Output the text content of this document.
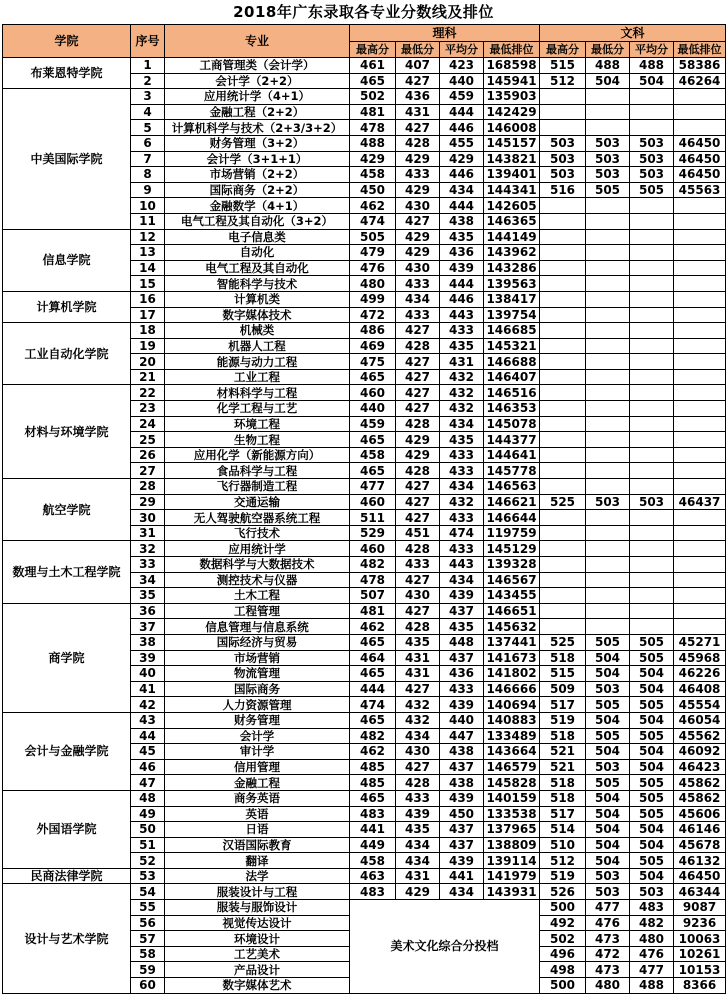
2018年广东录取各专业分数线及排位
学院	序号	专业	理科				文科			
			最高分	最低分	平均分	最低排位	最高分	最低分	平均分	最低排位
布莱恩特学院	1	工商管理类（会计学）	461	407	423	168598	515	488	488	58386
	2	会计学（2+2）	465	427	440	145941	512	504	504	46264
中美国际学院	3	应用统计学（4+1）	502	436	459	135903				
	4	金融工程（2+2）	481	431	444	142429				
	5	计算机科学与技术（2+3/3+2）	478	427	446	146008				
	6	财务管理（3+2）	488	428	455	145157	503	503	503	46450
	7	会计学（3+1+1）	429	429	429	143821	503	503	503	46450
	8	市场营销（2+2）	458	433	446	139401	503	503	503	46450
	9	国际商务（2+2）	450	429	434	144341	516	505	505	45563
	10	金融数学（4+1）	462	430	444	142605				
	11	电气工程及其自动化（3+2）	474	427	438	146365				
信息学院	12	电子信息类	505	429	435	144149				
	13	自动化	479	429	436	143962				
	14	电气工程及其自动化	476	430	439	143286				
	15	智能科学与技术	480	433	444	139563				
计算机学院	16	计算机类	499	434	446	138417				
	17	数字媒体技术	472	433	443	139754				
工业自动化学院	18	机械类	486	427	433	146685				
	19	机器人工程	469	428	435	145321				
	20	能源与动力工程	475	427	431	146688				
	21	工业工程	465	427	432	146407				
材料与环境学院	22	材料科学与工程	460	427	432	146516				
	23	化学工程与工艺	440	427	432	146353				
	24	环境工程	459	428	434	145078				
	25	生物工程	465	429	435	144377				
	26	应用化学（新能源方向）	458	429	433	144641				
	27	食品科学与工程	465	428	433	145778				
航空学院	28	飞行器制造工程	477	427	434	146563				
	29	交通运输	460	427	432	146621	525	503	503	46437
	30	无人驾驶航空器系统工程	511	427	433	146644				
	31	飞行技术	529	451	474	119759				
数理与土木工程学院	32	应用统计学	460	428	433	145129				
	33	数据科学与大数据技术	482	433	443	139328				
	34	测控技术与仪器	478	427	434	146567				
	35	土木工程	507	430	439	143455				
商学院	36	工程管理	481	427	437	146651				
	37	信息管理与信息系统	462	428	435	145632				
	38	国际经济与贸易	465	435	448	137441	525	505	505	45271
	39	市场营销	464	431	437	141673	518	504	505	45968
	40	物流管理	465	431	436	141802	515	504	504	46226
	41	国际商务	444	427	433	146666	509	503	504	46408
	42	人力资源管理	474	432	439	140694	517	505	505	45554
会计与金融学院	43	财务管理	465	432	440	140883	519	504	504	46054
	44	会计学	482	434	447	133489	518	505	505	45562
	45	审计学	462	430	438	143664	521	504	504	46092
	46	信用管理	485	427	437	146579	521	503	504	46423
	47	金融工程	485	428	438	145828	518	505	505	45862
外国语学院	48	商务英语	465	433	439	140159	518	504	505	45862
	49	英语	483	439	450	133538	517	504	505	45606
	50	日语	441	435	437	137965	514	504	504	46146
	51	汉语国际教育	449	434	437	138809	510	504	504	45678
	52	翻译	458	434	439	139114	512	504	505	46132
民商法律学院	53	法学	463	431	441	141979	519	503	504	46450
设计与艺术学院	54	服装设计与工程	483	429	434	143931	526	503	503	46344
	55	服装与服饰设计	美术文化综合分投档				500	477	483	9087
	56	视觉传达设计					492	476	482	9236
	57	环境设计					502	473	480	10063
	58	工艺美术					496	472	476	10261
	59	产品设计					498	473	477	10153
	60	数字媒体艺术					500	480	488	8366
